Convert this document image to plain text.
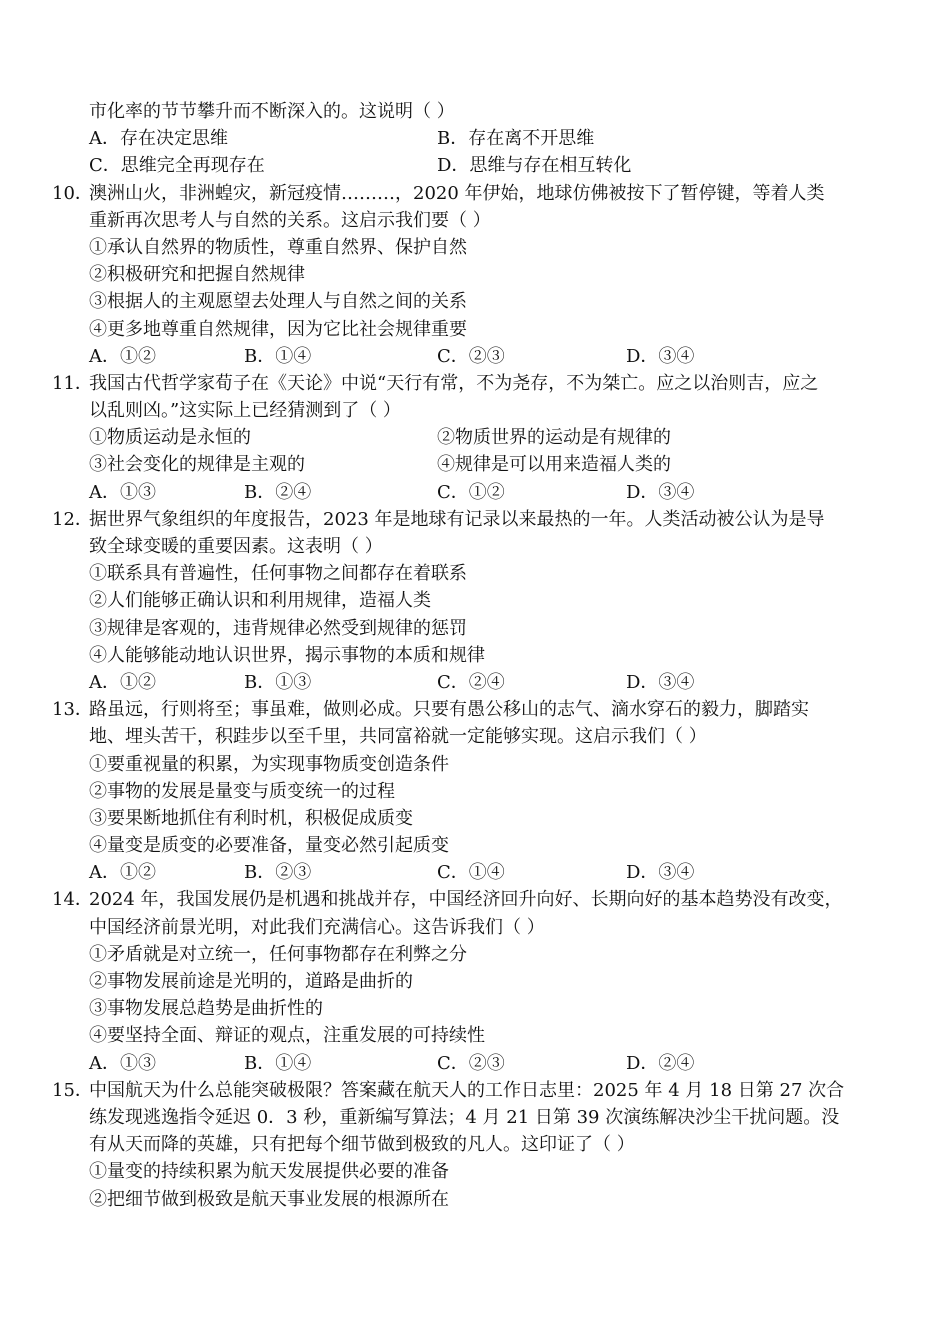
市化率的节节攀升而不断深入的。这说明（ ）
A．存在决定思维	B．存在离不开思维
C．思维完全再现存在	D．思维与存在相互转化
10．澳洲山火，非洲蝗灾，新冠疫情………，2020 年伊始，地球仿佛被按下了暂停键，等着人类
重新再次思考人与自然的关系。这启示我们要（ ）
①承认自然界的物质性，尊重自然界、保护自然
②积极研究和把握自然规律
③根据人的主观愿望去处理人与自然之间的关系
④更多地尊重自然规律，因为它比社会规律重要
A．①②	B．①④	C．②③	D．③④
11．我国古代哲学家荀子在《天论》中说“天行有常，不为尧存，不为桀亡。应之以治则吉，应之
以乱则凶。”这实际上已经猜测到了（ ）
①物质运动是永恒的	②物质世界的运动是有规律的
③社会变化的规律是主观的	④规律是可以用来造福人类的
A．①③	B．②④	C．①②	D．③④
12．据世界气象组织的年度报告，2023 年是地球有记录以来最热的一年。人类活动被公认为是导
致全球变暖的重要因素。这表明（ ）
①联系具有普遍性，任何事物之间都存在着联系
②人们能够正确认识和利用规律，造福人类
③规律是客观的，违背规律必然受到规律的惩罚
④人能够能动地认识世界，揭示事物的本质和规律
A．①②	B．①③	C．②④	D．③④
13．路虽远，行则将至；事虽难，做则必成。只要有愚公移山的志气、滴水穿石的毅力，脚踏实
地、埋头苦干，积跬步以至千里，共同富裕就一定能够实现。这启示我们（ ）
①要重视量的积累，为实现事物质变创造条件
②事物的发展是量变与质变统一的过程
③要果断地抓住有利时机，积极促成质变
④量变是质变的必要准备，量变必然引起质变
A．①②	B．②③	C．①④	D．③④
14．2024 年，我国发展仍是机遇和挑战并存，中国经济回升向好、长期向好的基本趋势没有改变，
中国经济前景光明，对此我们充满信心。这告诉我们（ ）
①矛盾就是对立统一，任何事物都存在利弊之分
②事物发展前途是光明的，道路是曲折的
③事物发展总趋势是曲折性的
④要坚持全面、辩证的观点，注重发展的可持续性
A．①③	B．①④	C．②③	D．②④
15．中国航天为什么总能突破极限？答案藏在航天人的工作日志里：2025 年 4 月 18 日第 27 次合
练发现逃逸指令延迟 0．3 秒，重新编写算法；4 月 21 日第 39 次演练解决沙尘干扰问题。没
有从天而降的英雄，只有把每个细节做到极致的凡人。这印证了（ ）
①量变的持续积累为航天发展提供必要的准备
②把细节做到极致是航天事业发展的根源所在
